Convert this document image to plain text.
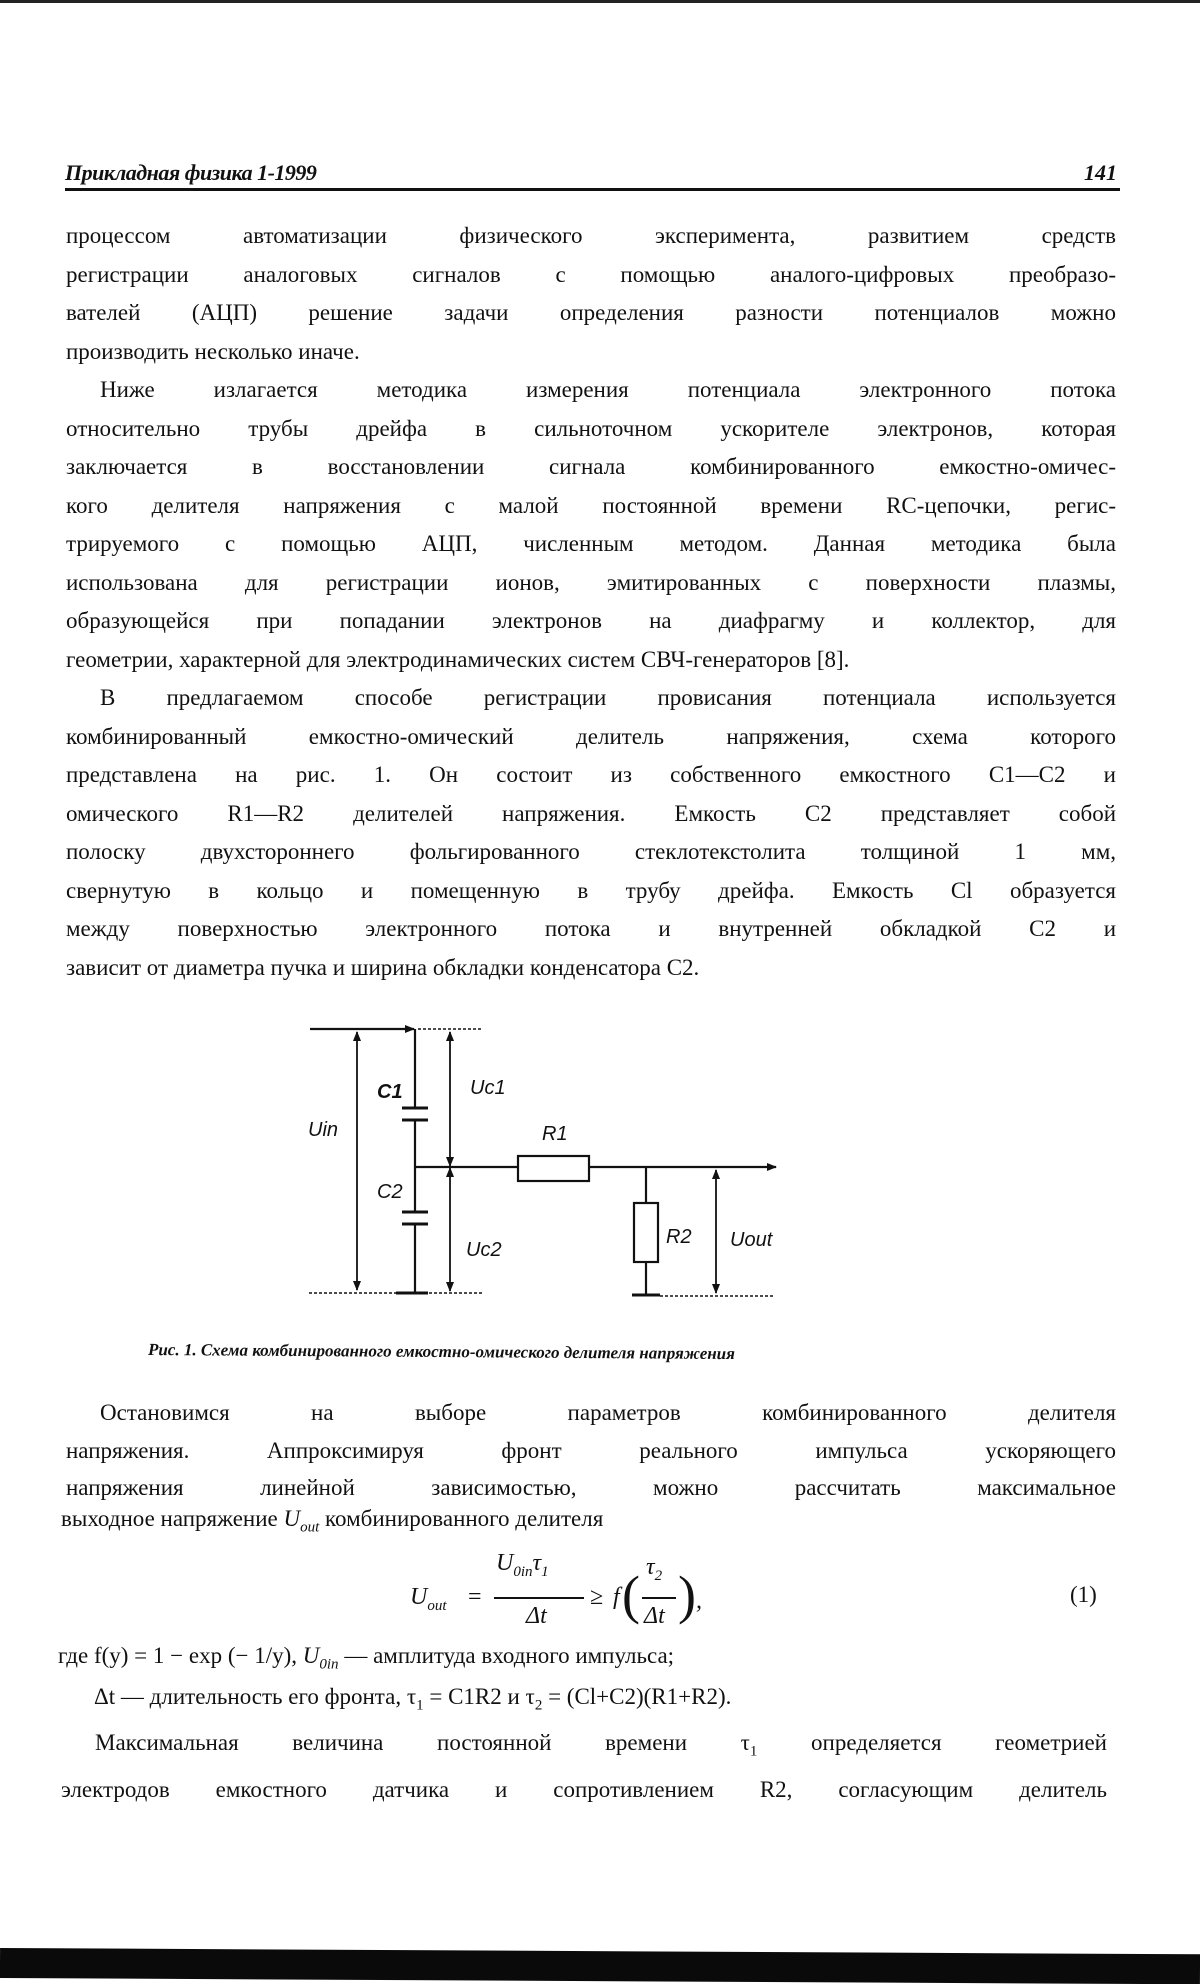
Прикладная физика 1-1999	141
процессом автоматизации физического эксперимента, развитием средств
регистрации аналоговых сигналов с помощью аналого-цифровых преобразо-
вателей (АЦП) решение задачи определения разности потенциалов можно
производить несколько иначе.
Ниже излагается методика измерения потенциала электронного потока
относительно трубы дрейфа в сильноточном ускорителе электронов, которая
заключается в восстановлении сигнала комбинированного емкостно-омичес-
кого делителя напряжения с малой постоянной времени RC-цепочки, регис-
трируемого с помощью АЦП, численным методом. Данная методика была
использована для регистрации ионов, эмитированных с поверхности плазмы,
образующейся при попадании электронов на диафрагму и коллектор, для
геометрии, характерной для электродинамических систем СВЧ-генераторов [8].
В предлагаемом способе регистрации провисания потенциала используется
комбинированный емкостно-омический делитель напряжения, схема которого
представлена на рис. 1. Он состоит из собственного емкостного C1—C2 и
омического R1—R2 делителей напряжения. Емкость C2 представляет собой
полоску двухстороннего фольгированного стеклотекстолита толщиной 1 мм,
свернутую в кольцо и помещенную в трубу дрейфа. Емкость Cl образуется
между поверхностью электронного потока и внутренней обкладкой C2 и
зависит от диаметра пучка и ширина обкладки конденсатора C2.
Uin
C1	Uc1
R1
C2
Uc2
R2 Uout
Рис. 1. Схема комбинированного емкостно-омического делителя напряжения
Остановимся на выборе параметров комбинированного делителя
напряжения. Аппроксимируя фронт реального импульса ускоряющего
напряжения линейной зависимостью, можно рассчитать максимальное
выходное напряжение $U_{out}$ комбинированного делителя
$U_{out}$ =
$U_{0in}\tau_1$
Δt
≥ f ( $\tau_2$
Δt ) ,	(1)
где f(y) = 1 − exp (− 1/y), $U_{0in}$ — амплитуда входного импульса;
Δt — длительность его фронта, $\tau_1 = C1R2$ и $\tau_2 = (Cl+C2)(R1+R2)$.
Максимальная величина постоянной времени $\tau_1$ определяется геометрией
электродов емкостного датчика и сопротивлением R2, согласующим делитель
